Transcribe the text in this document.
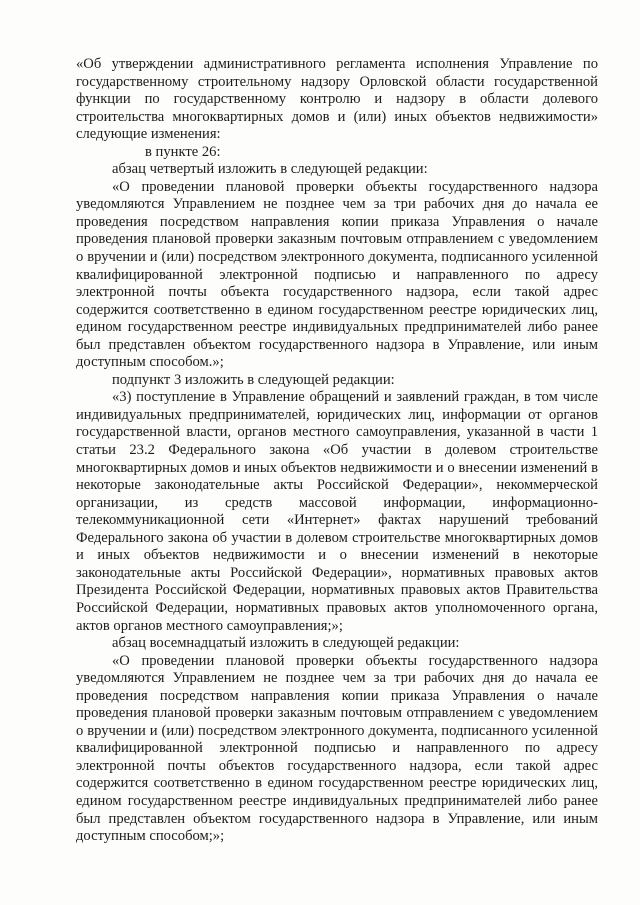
«Об утверждении административного регламента исполнения Управление по государственному строительному надзору Орловской области государственной функции по государственному контролю и надзору в области долевого строительства многоквартирных домов и (или) иных объектов недвижимости» следующие изменения:

в пункте 26:

абзац четвертый изложить в следующей редакции:

«О проведении плановой проверки объекты государственного надзора уведомляются Управлением не позднее чем за три рабочих дня до начала ее проведения посредством направления копии приказа Управления о начале проведения плановой проверки заказным почтовым отправлением с уведомлением о вручении и (или) посредством электронного документа, подписанного усиленной квалифицированной электронной подписью и направленного по адресу электронной почты объекта государственного надзора, если такой адрес содержится соответственно в едином государственном реестре юридических лиц, едином государственном реестре индивидуальных предпринимателей либо ранее был представлен объектом государственного надзора в Управление, или иным доступным способом.»;

подпункт 3 изложить в следующей редакции:

«3) поступление в Управление обращений и заявлений граждан, в том числе индивидуальных предпринимателей, юридических лиц, информации от органов государственной власти, органов местного самоуправления, указанной в части 1 статьи 23.2 Федерального закона «Об участии в долевом строительстве многоквартирных домов и иных объектов недвижимости и о внесении изменений в некоторые законодательные акты Российской Федерации», некоммерческой организации, из средств массовой информации, информационно-телекоммуникационной сети «Интернет» фактах нарушений требований Федерального закона об участии в долевом строительстве многоквартирных домов и иных объектов недвижимости и о внесении изменений в некоторые законодательные акты Российской Федерации», нормативных правовых актов Президента Российской Федерации, нормативных правовых актов Правительства Российской Федерации, нормативных правовых актов уполномоченного органа, актов органов местного самоуправления;»;

абзац восемнадцатый изложить в следующей редакции:

«О проведении плановой проверки объекты государственного надзора уведомляются Управлением не позднее чем за три рабочих дня до начала ее проведения посредством направления копии приказа Управления о начале проведения плановой проверки заказным почтовым отправлением с уведомлением о вручении и (или) посредством электронного документа, подписанного усиленной квалифицированной электронной подписью и направленного по адресу электронной почты объектов государственного надзора, если такой адрес содержится соответственно в едином государственном реестре юридических лиц, едином государственном реестре индивидуальных предпринимателей либо ранее был представлен объектом государственного надзора в Управление, или иным доступным способом;»;
